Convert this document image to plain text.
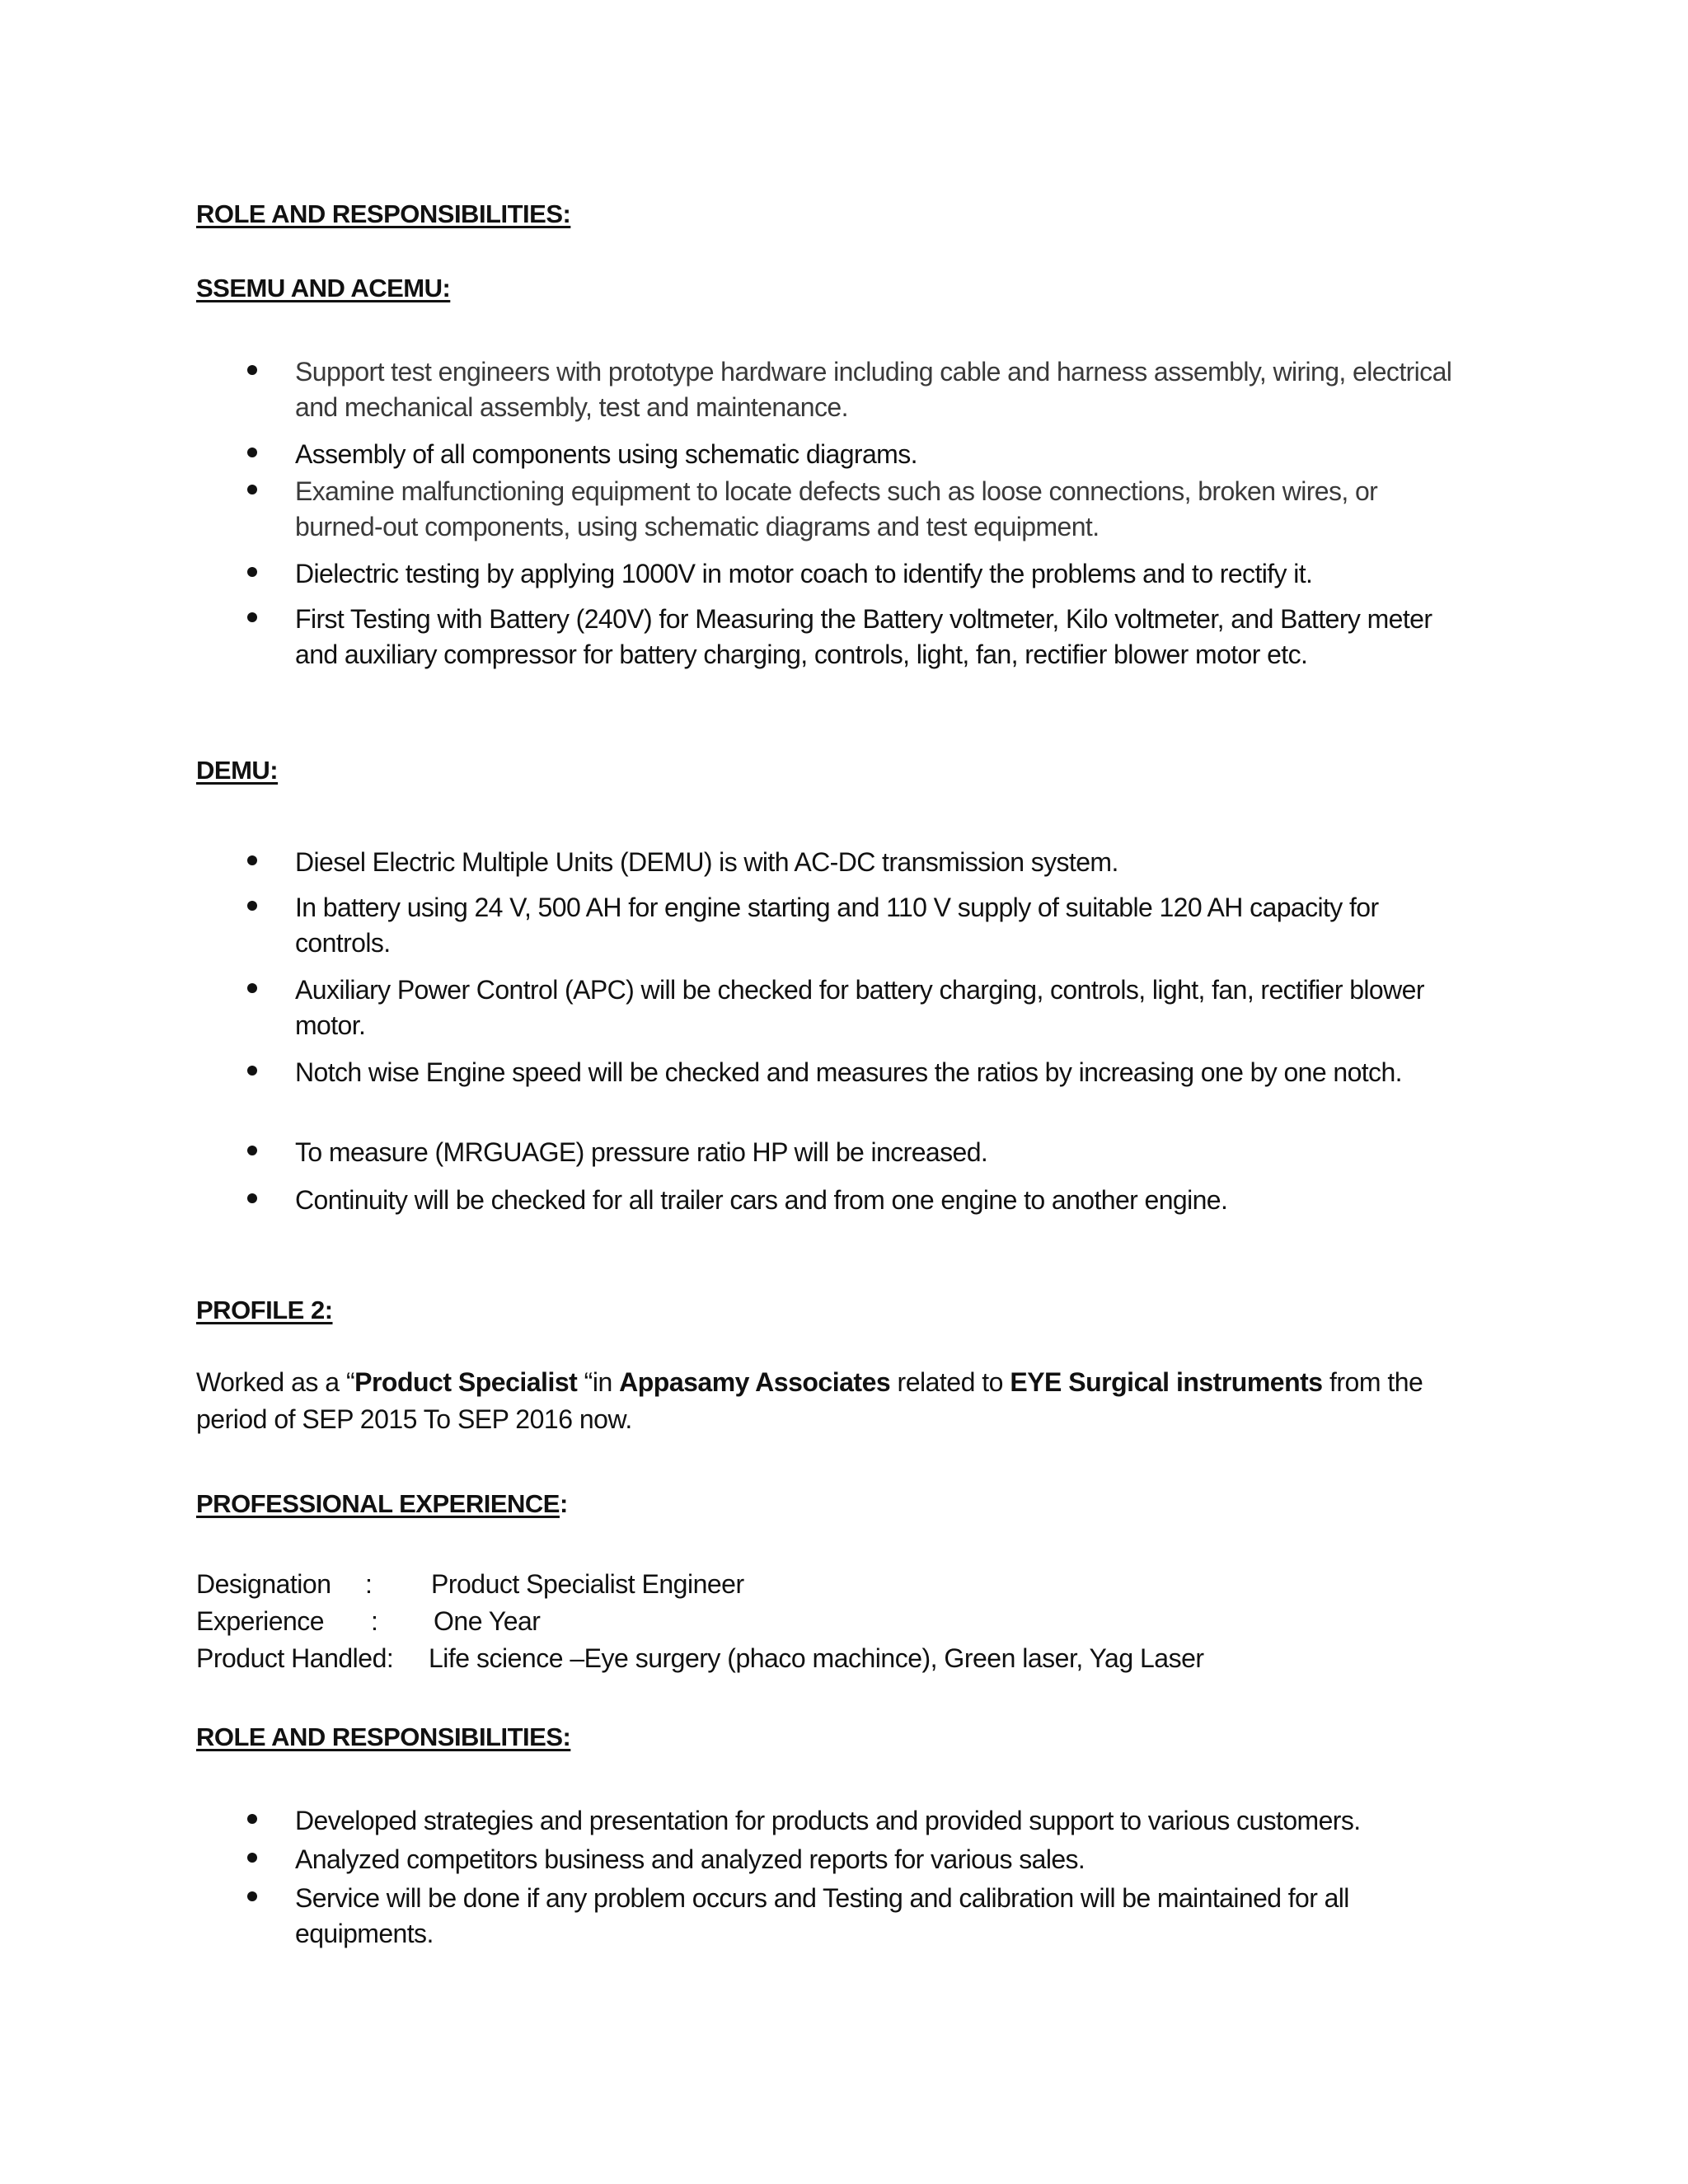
ROLE AND RESPONSIBILITIES:
SSEMU AND ACEMU:
Support test engineers with prototype hardware including cable and harness assembly, wiring, electrical and mechanical assembly, test and maintenance.
Assembly of all components using schematic diagrams.
Examine malfunctioning equipment to locate defects such as loose connections, broken wires, or burned-out components, using schematic diagrams and test equipment.
Dielectric testing by applying 1000V in motor coach to identify the problems and to rectify it.
First Testing with Battery (240V) for Measuring the Battery voltmeter, Kilo voltmeter, and Battery meter and auxiliary compressor for battery charging, controls, light, fan, rectifier blower motor etc.
DEMU:
Diesel Electric Multiple Units (DEMU) is with AC-DC transmission system.
In battery using 24 V, 500 AH for engine starting and 110 V supply of suitable 120 AH capacity for controls.
Auxiliary Power Control (APC) will be checked for battery charging, controls, light, fan, rectifier blower motor.
Notch wise Engine speed will be checked and measures the ratios by increasing one by one notch.
To measure (MRGUAGE) pressure ratio HP will be increased.
Continuity will be checked for all trailer cars and from one engine to another engine.
PROFILE 2:
Worked as a “Product Specialist “in Appasamy Associates related to EYE Surgical instruments from the period of SEP 2015 To SEP 2016 now.
PROFESSIONAL EXPERIENCE:
Designation : Product Specialist Engineer
Experience : One Year
Product Handled: Life science –Eye surgery (phaco machince), Green laser, Yag Laser
ROLE AND RESPONSIBILITIES:
Developed strategies and presentation for products and provided support to various customers.
Analyzed competitors business and analyzed reports for various sales.
Service will be done if any problem occurs and Testing and calibration will be maintained for all equipments.
